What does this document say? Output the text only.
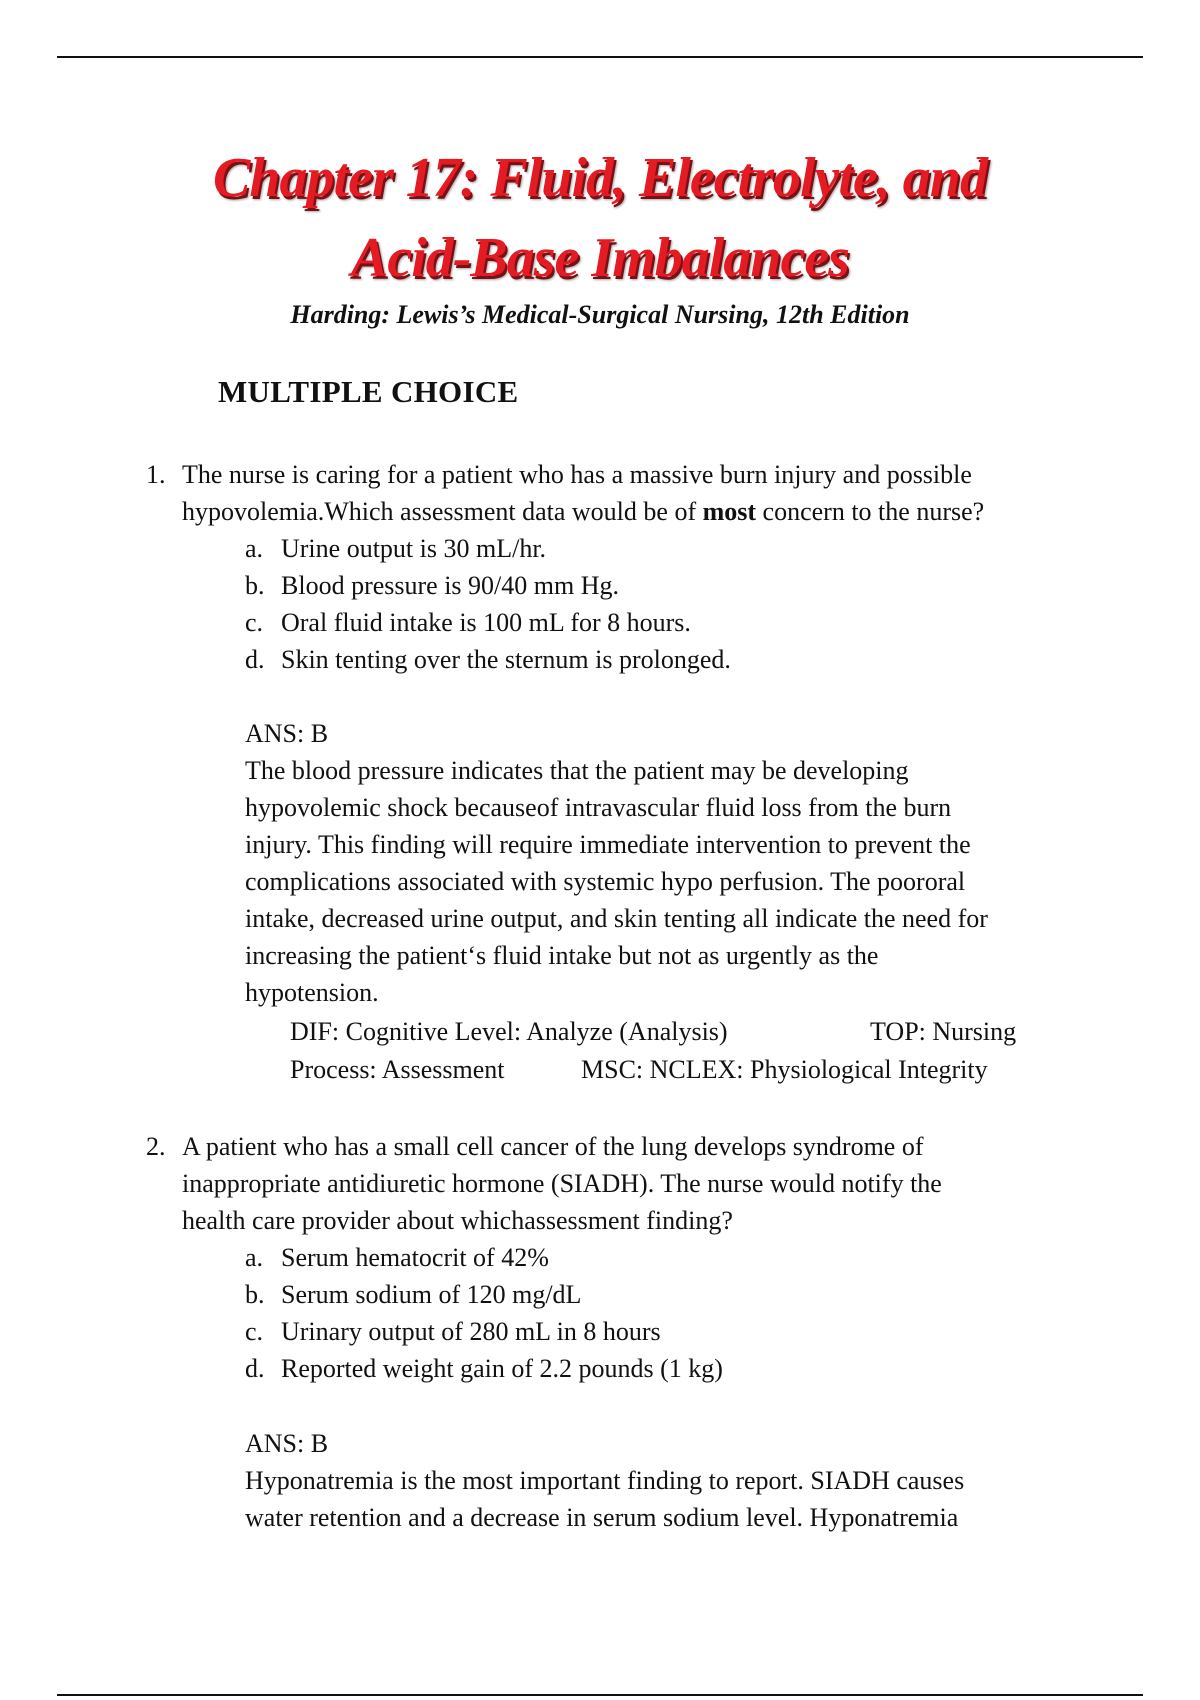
Chapter 17: Fluid, Electrolyte, and
Acid-Base Imbalances
Harding: Lewis’s Medical-Surgical Nursing, 12th Edition
MULTIPLE CHOICE
1. The nurse is caring for a patient who has a massive burn injury and possible
hypovolemia.Which assessment data would be of most concern to the nurse?
a. Urine output is 30 mL/hr.
b. Blood pressure is 90/40 mm Hg.
c. Oral fluid intake is 100 mL for 8 hours.
d. Skin tenting over the sternum is prolonged.
ANS: B
The blood pressure indicates that the patient may be developing
hypovolemic shock becauseof intravascular fluid loss from the burn
injury. This finding will require immediate intervention to prevent the
complications associated with systemic hypo perfusion. The poororal
intake, decreased urine output, and skin tenting all indicate the need for
increasing the patient‘s fluid intake but not as urgently as the
hypotension.
DIF: Cognitive Level: Analyze (Analysis)	TOP: Nursing
Process: Assessment	MSC: NCLEX: Physiological Integrity
2. A patient who has a small cell cancer of the lung develops syndrome of
inappropriate antidiuretic hormone (SIADH). The nurse would notify the
health care provider about whichassessment finding?
a. Serum hematocrit of 42%
b. Serum sodium of 120 mg/dL
c. Urinary output of 280 mL in 8 hours
d. Reported weight gain of 2.2 pounds (1 kg)
ANS: B
Hyponatremia is the most important finding to report. SIADH causes
water retention and a decrease in serum sodium level. Hyponatremia
